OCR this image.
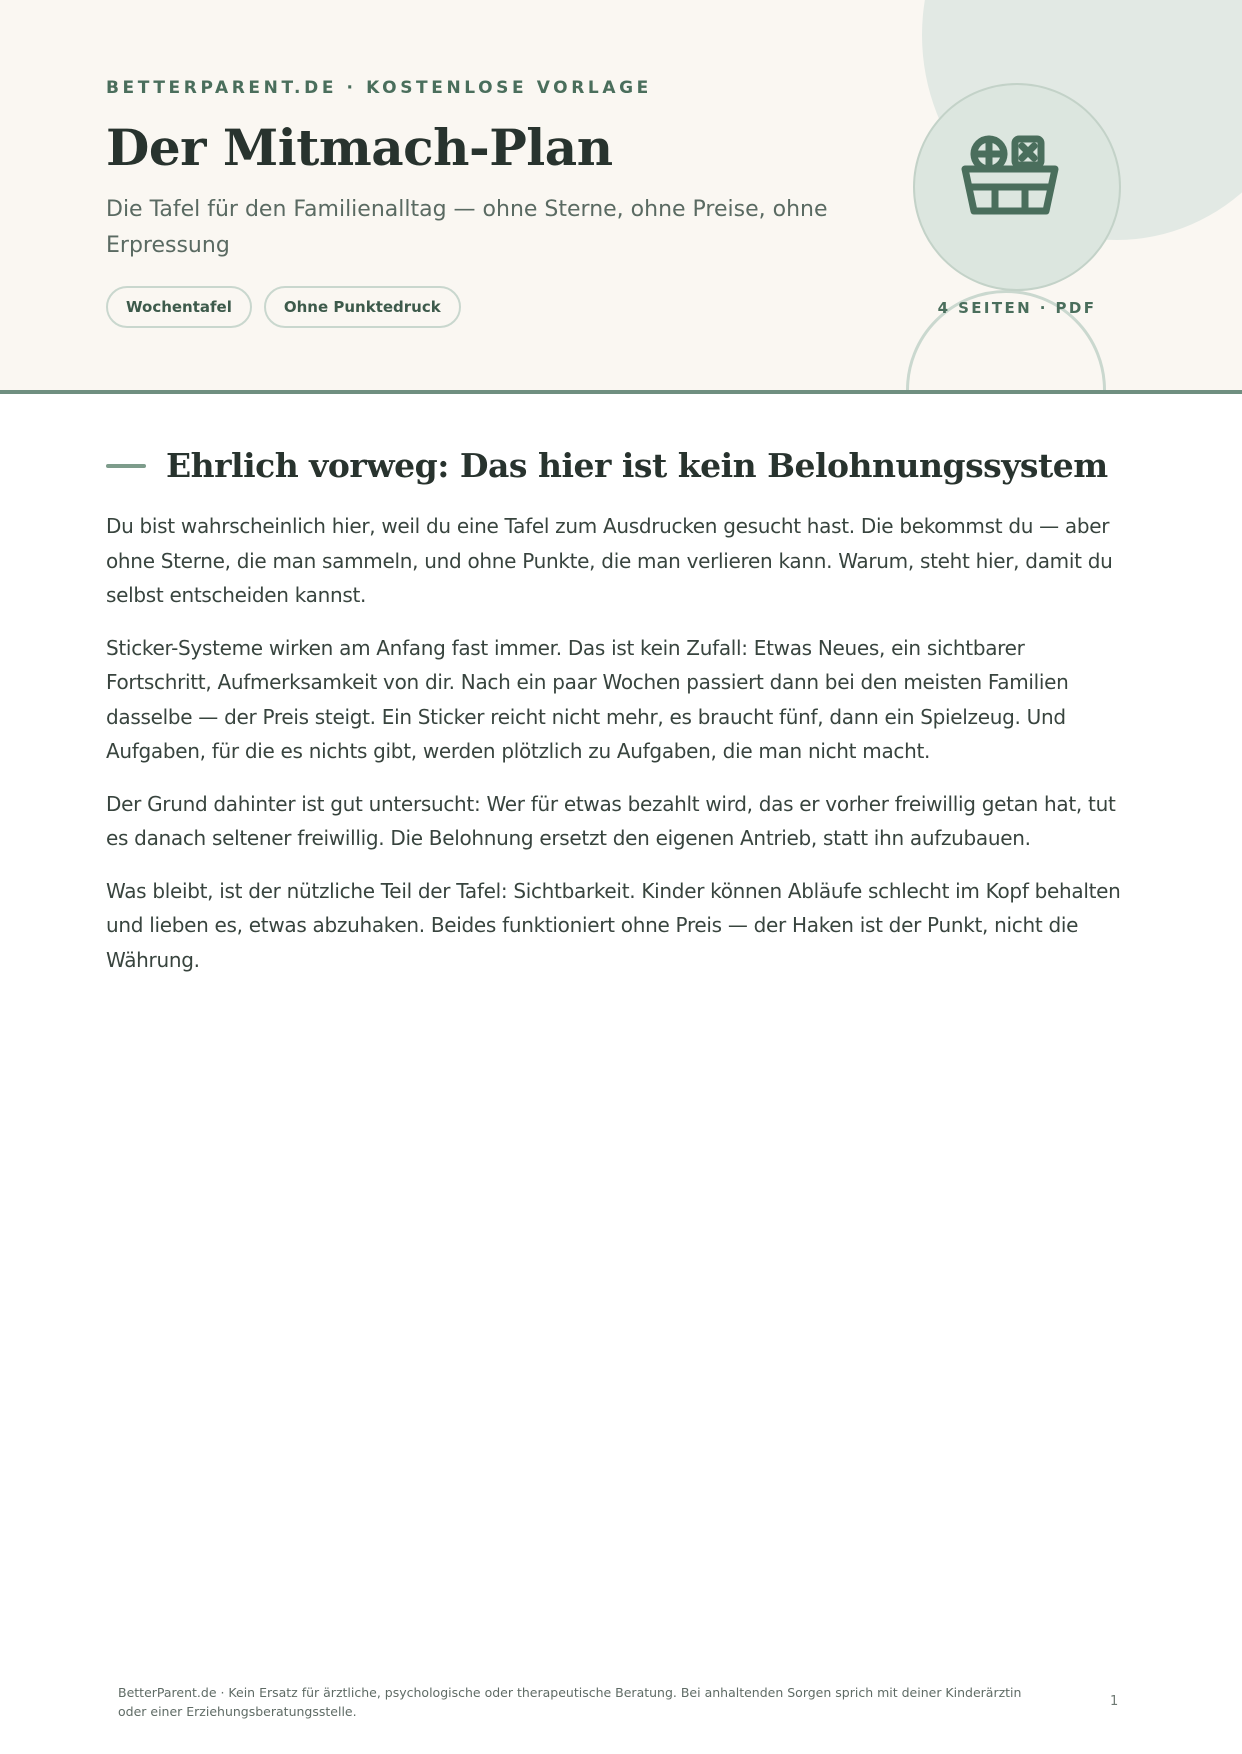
BETTERPARENT.DE · KOSTENLOSE VORLAGE
Der Mitmach-Plan

Die Tafel für den Familienalltag — ohne Sterne, ohne Preise, ohne Erpressung

Wochentafel	Ohne Punktedruck	4 SEITEN · PDF
Ehrlich vorweg: Das hier ist kein Belohnungssystem

Du bist wahrscheinlich hier, weil du eine Tafel zum Ausdrucken gesucht hast. Die bekommst du — aber ohne Sterne, die man sammeln, und ohne Punkte, die man verlieren kann. Warum, steht hier, damit du selbst entscheiden kannst.

Sticker-Systeme wirken am Anfang fast immer. Das ist kein Zufall: Etwas Neues, ein sichtbarer Fortschritt, Aufmerksamkeit von dir. Nach ein paar Wochen passiert dann bei den meisten Familien dasselbe — der Preis steigt. Ein Sticker reicht nicht mehr, es braucht fünf, dann ein Spielzeug. Und Aufgaben, für die es nichts gibt, werden plötzlich zu Aufgaben, die man nicht macht.

Der Grund dahinter ist gut untersucht: Wer für etwas bezahlt wird, das er vorher freiwillig getan hat, tut es danach seltener freiwillig. Die Belohnung ersetzt den eigenen Antrieb, statt ihn aufzubauen.

Was bleibt, ist der nützliche Teil der Tafel: Sichtbarkeit. Kinder können Abläufe schlecht im Kopf behalten und lieben es, etwas abzuhaken. Beides funktioniert ohne Preis — der Haken ist der Punkt, nicht die Währung.

BetterParent.de · Kein Ersatz für ärztliche, psychologische oder therapeutische Beratung. Bei anhaltenden Sorgen sprich mit deiner Kinderärztin oder einer Erziehungsberatungsstelle.

1
